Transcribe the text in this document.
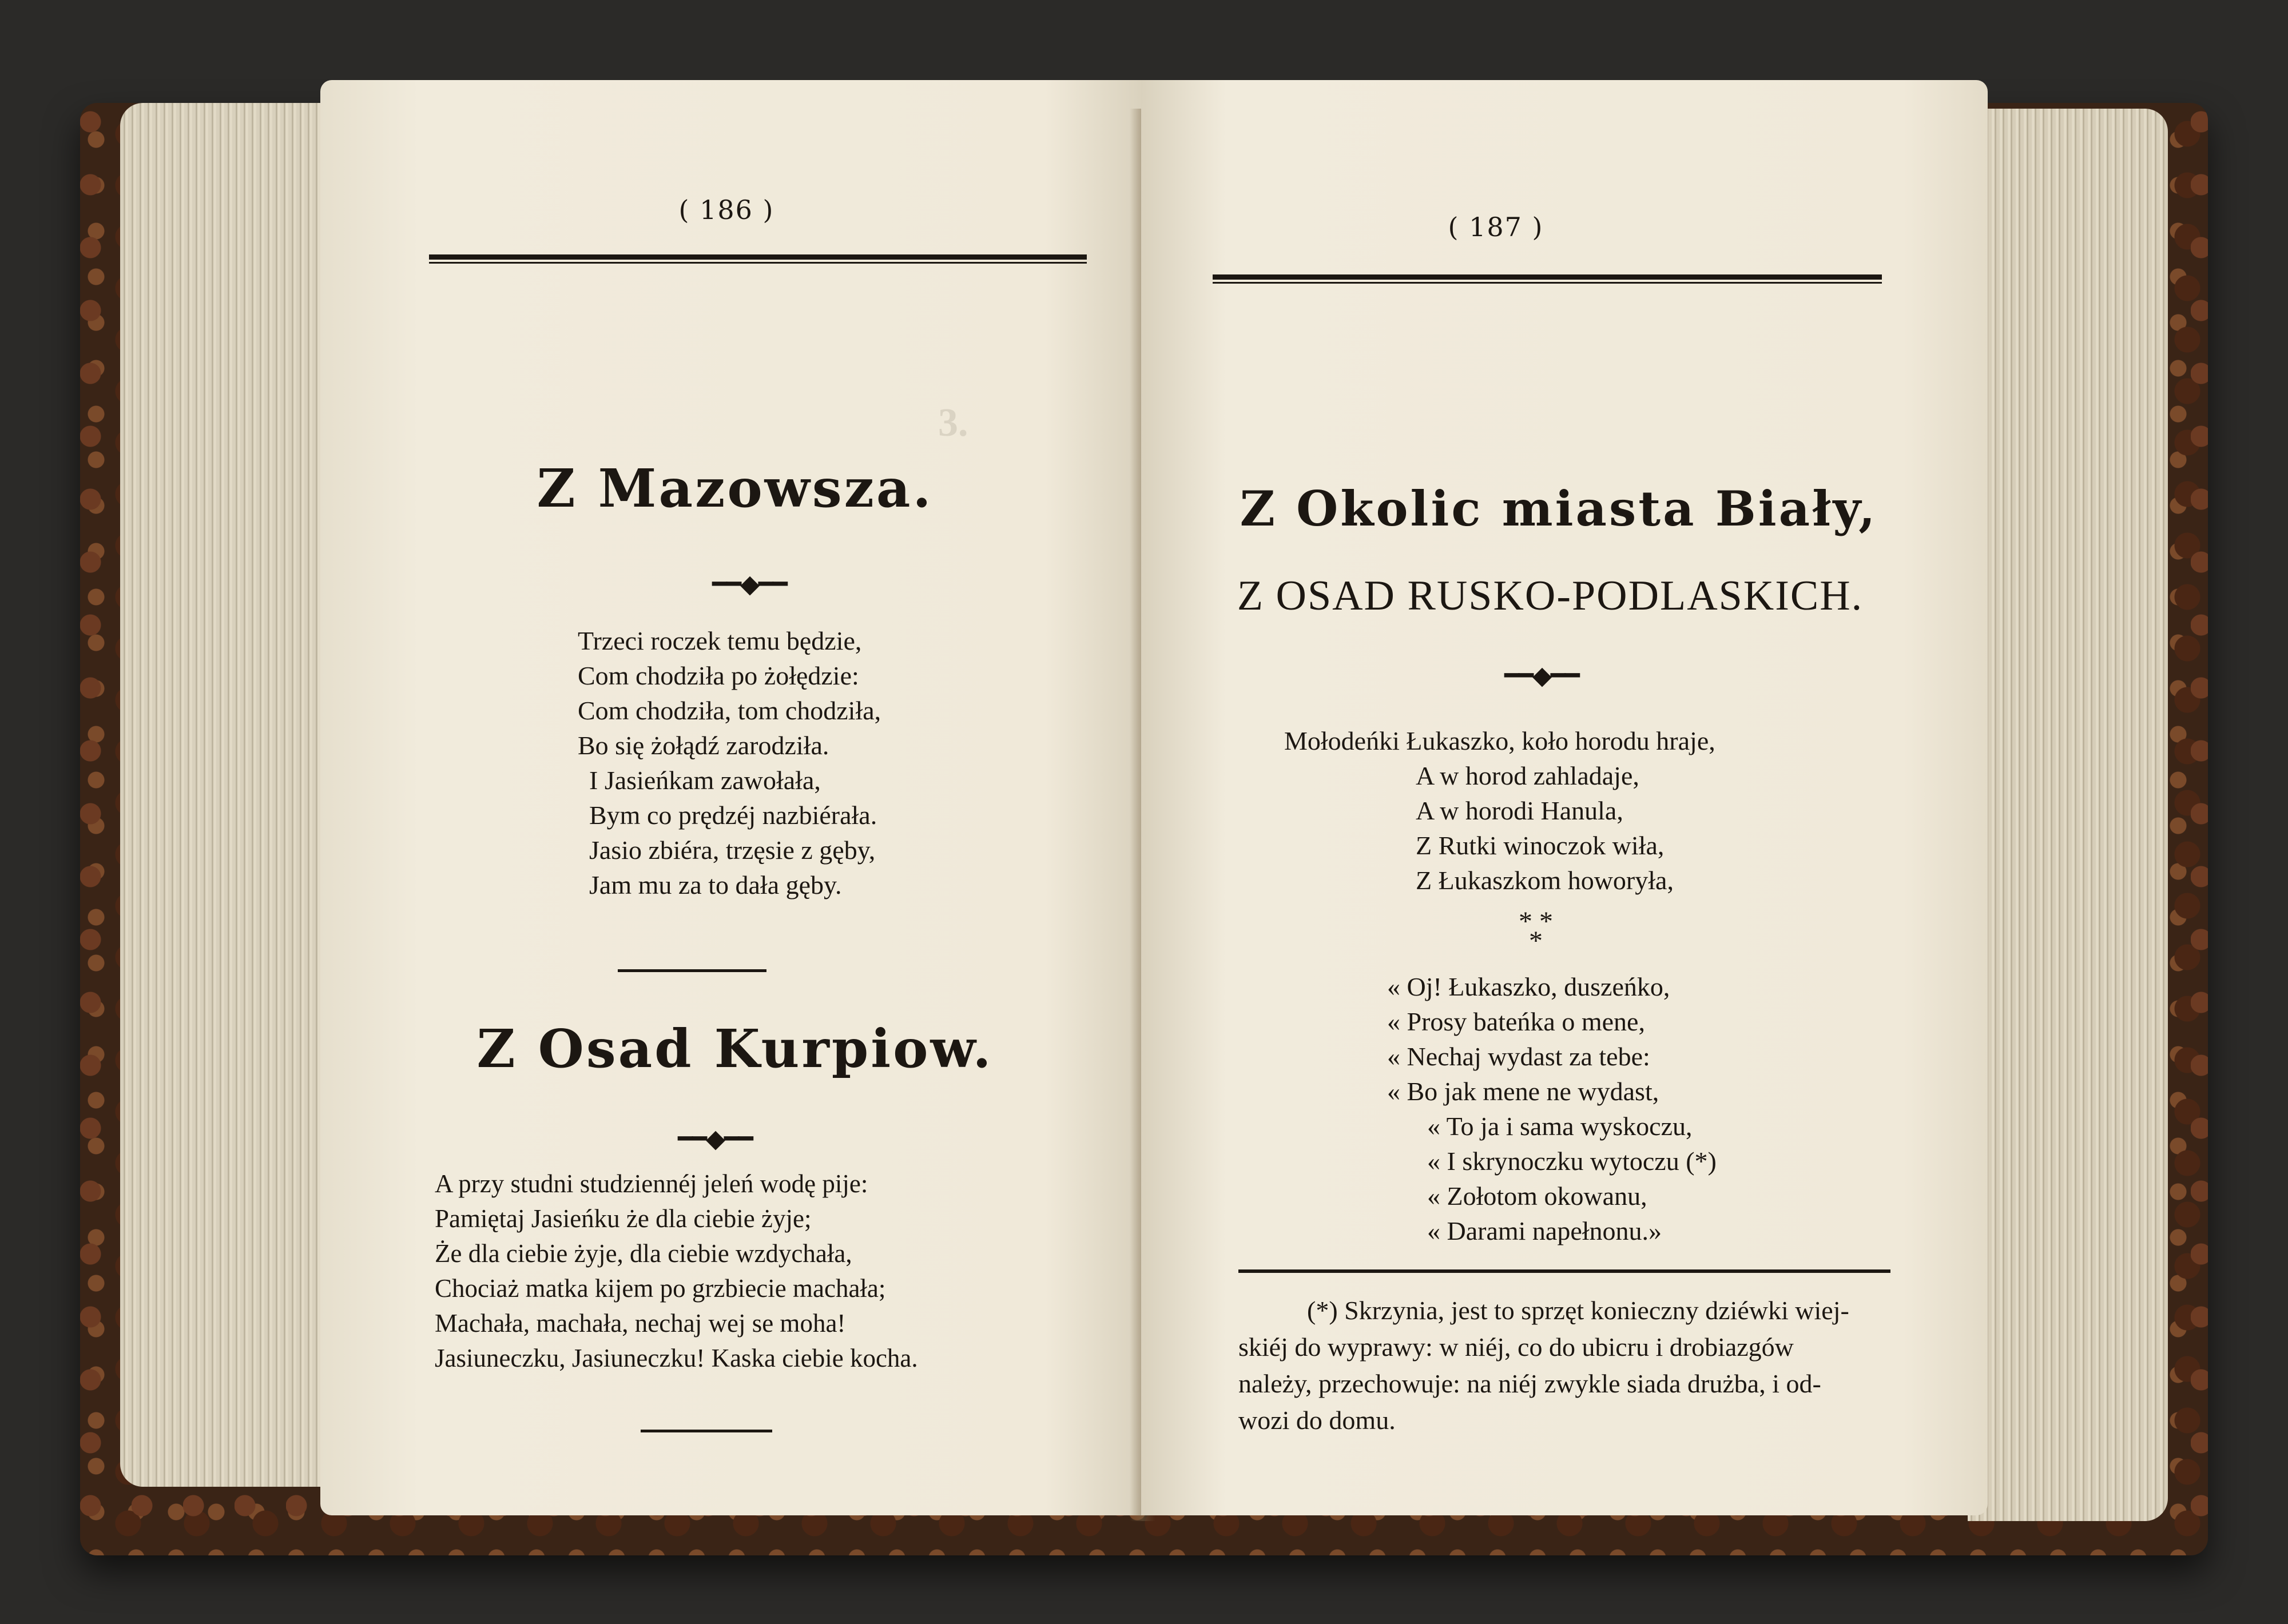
3.
( 186 )
Z Mazowsza.
━━◆━━
Trzeci roczek temu będzie,
Com chodziła po żołędzie:
Com chodziła, tom chodziła,
Bo się żołądź zarodziła.
I Jasieńkam zawołała,
Bym co prędzéj nazbiérała.
Jasio zbiéra, trzęsie z gęby,
Jam mu za to dała gęby.
Z Osad Kurpiow.
━━◆━━
A przy studni studziennéj jeleń wodę pije:
Pamiętaj Jasieńku że dla ciebie żyje;
Że dla ciebie żyje, dla ciebie wzdychała,
Chociaż matka kijem po grzbiecie machała;
Machała, machała, nechaj wej se moha!
Jasiuneczku, Jasiuneczku! Kaska ciebie kocha.
( 187 )
Z Okolic miasta Biały,
Z OSAD RUSKO-PODLASKICH.
━━◆━━
Mołodeńki Łukaszko, koło horodu hraje,
A w horod zahladaje,
A w horodi Hanula,
Z Rutki winoczok wiła,
Z Łukaszkom howoryła,
* *
*
« Oj! Łukaszko, duszeńko,
« Prosy bateńka o mene,
« Nechaj wydast za tebe:
« Bo jak mene ne wydast,
« To ja i sama wyskoczu,
« I skrynoczku wytoczu (*)
« Zołotom okowanu,
« Darami napełnonu.»
(*) Skrzynia, jest to sprzęt konieczny dziéwki wiej-
skiéj do wyprawy: w niéj, co do ubicru i drobiazgów
należy, przechowuje: na niéj zwykle siada drużba, i od-
wozi do domu.
